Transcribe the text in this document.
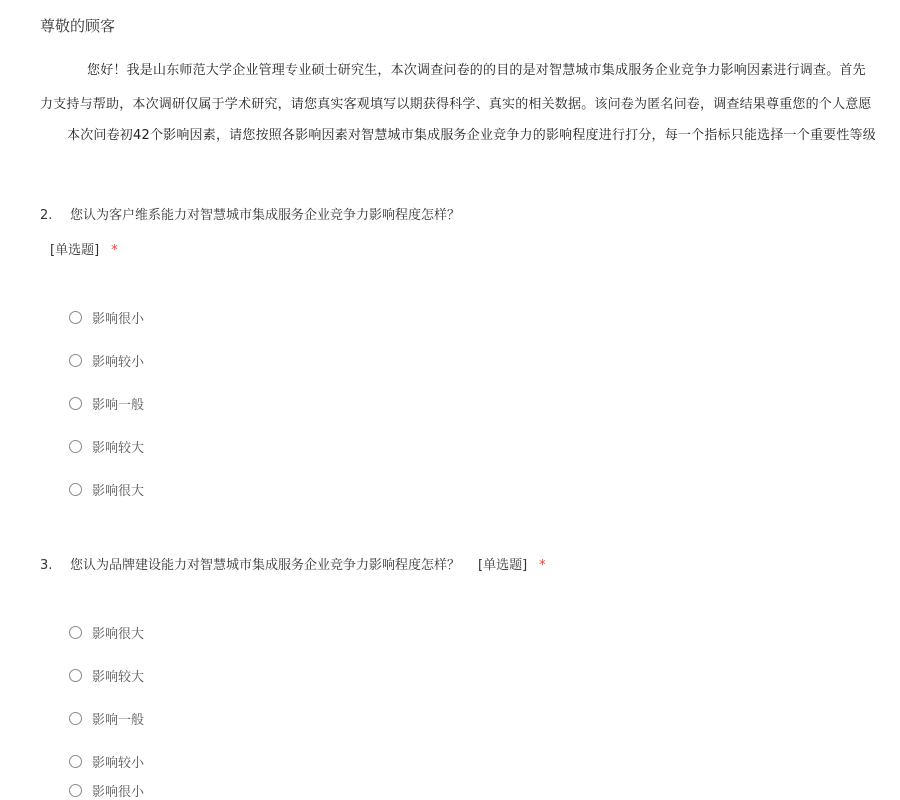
尊敬的顾客
您好！我是山东师范大学企业管理专业硕士研究生，本次调查问卷的的目的是对智慧城市集成服务企业竞争力影响因素进行调查。首先
力支持与帮助，本次调研仅属于学术研究，请您真实客观填写以期获得科学、真实的相关数据。该问卷为匿名问卷，调查结果尊重您的个人意愿
本次问卷初42个影响因素，请您按照各影响因素对智慧城市集成服务企业竞争力的影响程度进行打分，每一个指标只能选择一个重要性等级
2. 您认为客户维系能力对智慧城市集成服务企业竞争力影响程度怎样？
[单选题] *
影响很小
影响较小
影响一般
影响较大
影响很大
3. 您认为品牌建设能力对智慧城市集成服务企业竞争力影响程度怎样？ [单选题] *
影响很大
影响较大
影响一般
影响较小
影响很小
